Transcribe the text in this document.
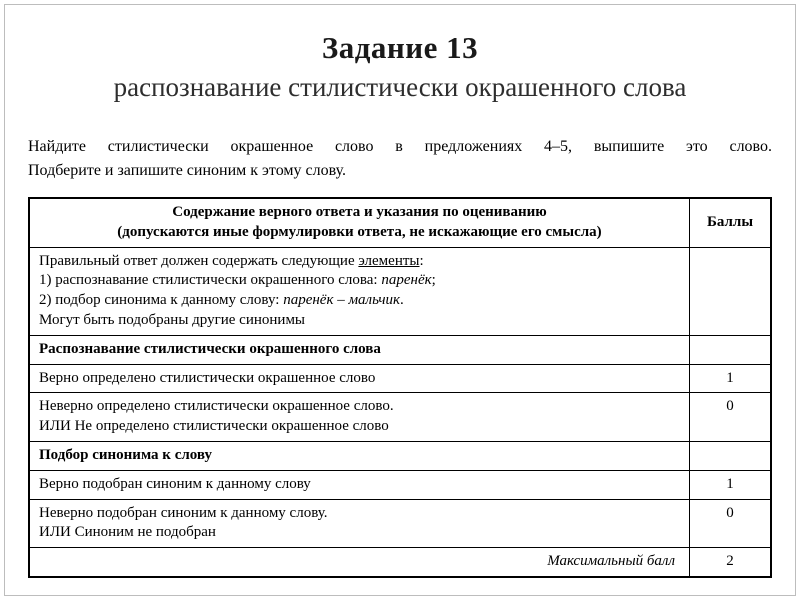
Задание 13
распознавание стилистически окрашенного слова
Найдите стилистически окрашенное слово в предложениях 4–5, выпишите это слово.
Подберите и запишите синоним к этому слову.
Содержание верного ответа и указания по оцениванию
(допускаются иные формулировки ответа, не искажающие его смысла)	Баллы

Правильный ответ должен содержать следующие элементы:
1) распознавание стилистически окрашенного слова: паренёк;
2) подбор синонима к данному слову: паренёк – мальчик.
Могут быть подобраны другие синонимы	

Распознавание стилистически окрашенного слова	

Верно определено стилистически окрашенное слово	1

Неверно определено стилистически окрашенное слово.
ИЛИ Не определено стилистически окрашенное слово	0

Подбор синонима к слову	

Верно подобран синоним к данному слову	1

Неверно подобран синоним к данному слову.
ИЛИ Синоним не подобран	0

Максимальный балл	2
